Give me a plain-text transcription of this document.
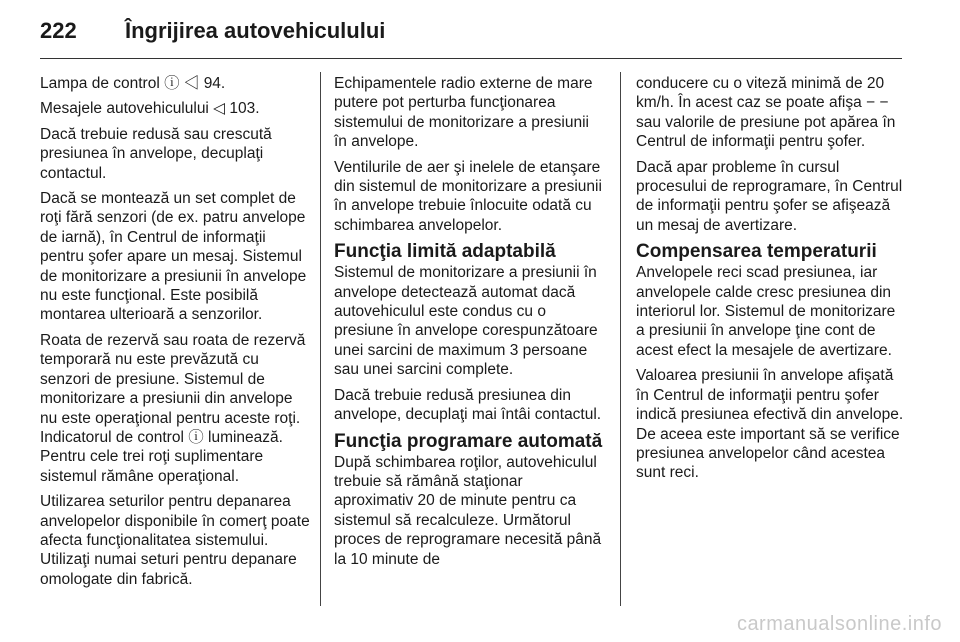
222 Îngrijirea autovehiculului

Lampa de control ⓘ ◁ 94.

Mesajele autovehiculului ◁ 103.

Dacă trebuie redusă sau crescută presiunea în anvelope, decuplaţi contactul.

Dacă se montează un set complet de roţi fără senzori (de ex. patru anvelope de iarnă), în Centrul de informaţii pentru şofer apare un mesaj. Sistemul de monitorizare a presiunii în anvelope nu este funcţional. Este posibilă montarea ulterioară a senzorilor.

Roata de rezervă sau roata de rezervă temporară nu este prevăzută cu senzori de presiune. Sistemul de monitorizare a presiunii din anvelope nu este operaţional pentru aceste roţi. Indicatorul de control ⓘ luminează. Pentru cele trei roţi suplimentare sistemul rămâne operaţional.

Utilizarea seturilor pentru depanarea anvelopelor disponibile în comerţ poate afecta funcţionalitatea sistemului. Utilizaţi numai seturi pentru depanare omologate din fabrică.

Echipamentele radio externe de mare putere pot perturba funcţionarea sistemului de monitorizare a presiunii în anvelope.

Ventilurile de aer şi inelele de etanşare din sistemul de monitorizare a presiunii în anvelope trebuie înlocuite odată cu schimbarea anvelopelor.

Funcţia limită adaptabilă

Sistemul de monitorizare a presiunii în anvelope detectează automat dacă autovehiculul este condus cu o presiune în anvelope corespunzătoare unei sarcini de maximum 3 persoane sau unei sarcini complete.

Dacă trebuie redusă presiunea din anvelope, decuplaţi mai întâi contactul.

Funcţia programare automată

După schimbarea roţilor, autovehiculul trebuie să rămână staţionar aproximativ 20 de minute pentru ca sistemul să recalculeze. Următorul proces de reprogramare necesită până la 10 minute de

conducere cu o viteză minimă de 20 km/h. În acest caz se poate afişa − − sau valorile de presiune pot apărea în Centrul de informaţii pentru şofer.

Dacă apar probleme în cursul procesului de reprogramare, în Centrul de informaţii pentru şofer se afişează un mesaj de avertizare.

Compensarea temperaturii

Anvelopele reci scad presiunea, iar anvelopele calde cresc presiunea din interiorul lor. Sistemul de monitorizare a presiunii în anvelope ţine cont de acest efect la mesajele de avertizare.

Valoarea presiunii în anvelope afişată în Centrul de informaţii pentru şofer indică presiunea efectivă din anvelope. De aceea este important să se verifice presiunea anvelopelor când acestea sunt reci.

carmanualsonline.info
